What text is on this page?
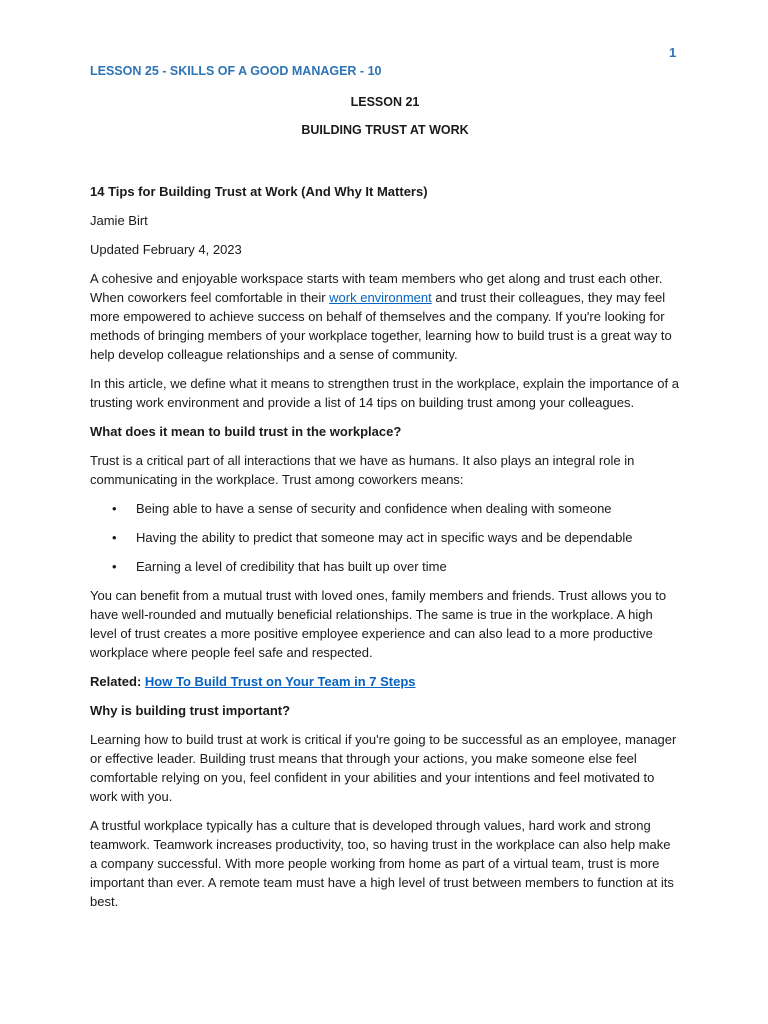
1
LESSON 25 - SKILLS OF A GOOD MANAGER - 10
LESSON 21
BUILDING TRUST AT WORK

14 Tips for Building Trust at Work (And Why It Matters)

Jamie Birt

Updated February 4, 2023

A cohesive and enjoyable workspace starts with team members who get along and trust each other. When coworkers feel comfortable in their work environment and trust their colleagues, they may feel more empowered to achieve success on behalf of themselves and the company. If you're looking for methods of bringing members of your workplace together, learning how to build trust is a great way to help develop colleague relationships and a sense of community.

In this article, we define what it means to strengthen trust in the workplace, explain the importance of a trusting work environment and provide a list of 14 tips on building trust among your colleagues.

What does it mean to build trust in the workplace?

Trust is a critical part of all interactions that we have as humans. It also plays an integral role in communicating in the workplace. Trust among coworkers means:

• Being able to have a sense of security and confidence when dealing with someone
• Having the ability to predict that someone may act in specific ways and be dependable
• Earning a level of credibility that has built up over time

You can benefit from a mutual trust with loved ones, family members and friends. Trust allows you to have well-rounded and mutually beneficial relationships. The same is true in the workplace. A high level of trust creates a more positive employee experience and can also lead to a more productive workplace where people feel safe and respected.

Related: How To Build Trust on Your Team in 7 Steps

Why is building trust important?

Learning how to build trust at work is critical if you're going to be successful as an employee, manager or effective leader. Building trust means that through your actions, you make someone else feel comfortable relying on you, feel confident in your abilities and your intentions and feel motivated to work with you.

A trustful workplace typically has a culture that is developed through values, hard work and strong teamwork. Teamwork increases productivity, too, so having trust in the workplace can also help make a company successful. With more people working from home as part of a virtual team, trust is more important than ever. A remote team must have a high level of trust between members to function at its best.
